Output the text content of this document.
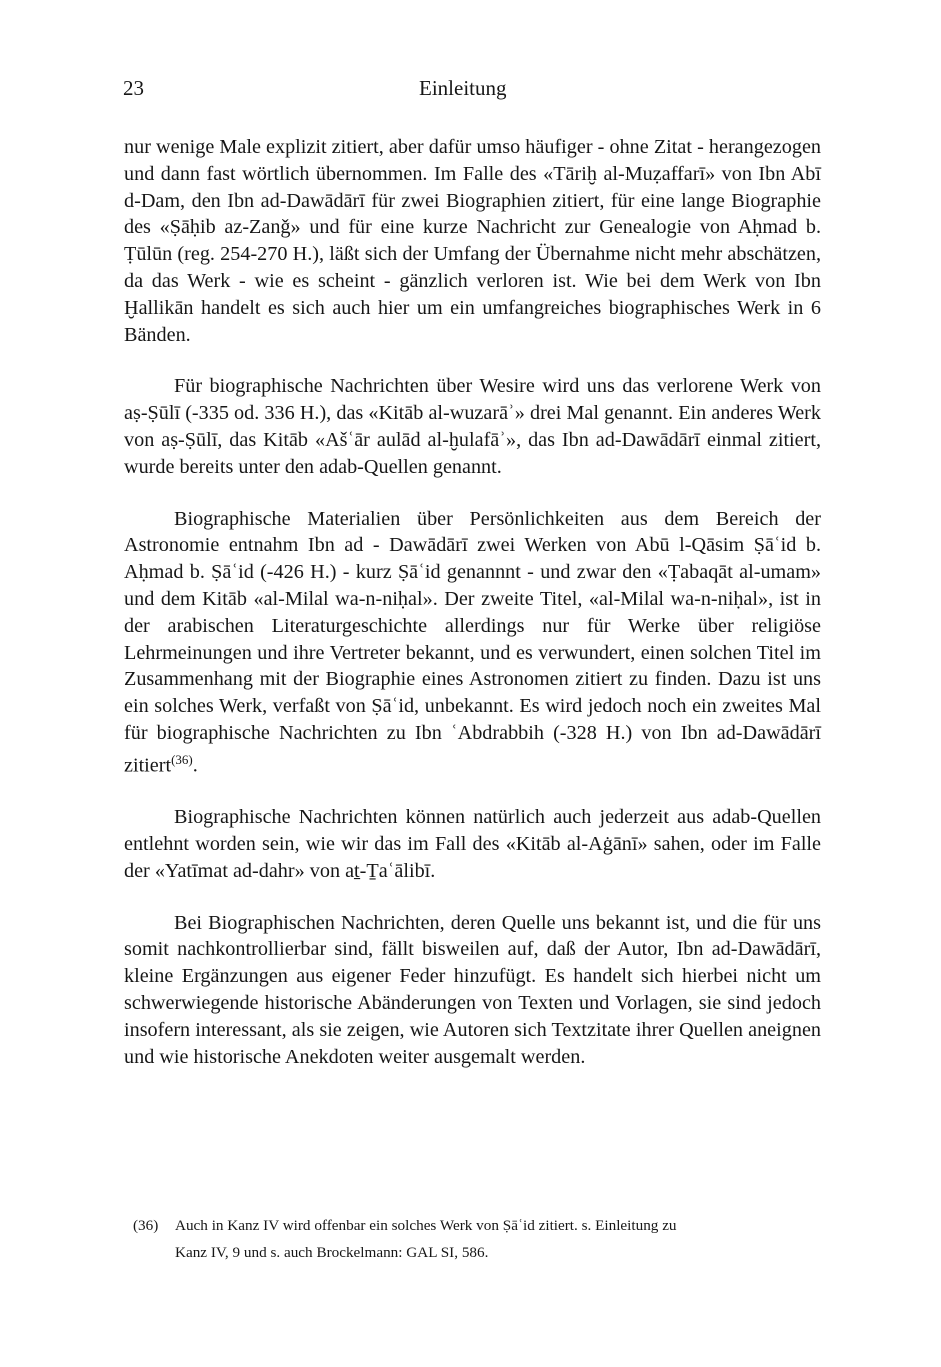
23	Einleitung

nur wenige Male explizit zitiert, aber dafür umso häufiger - ohne Zitat - herangezogen und dann fast wörtlich übernommen. Im Falle des «Tāriḫ al-Muẓaffarī» von Ibn Abī d-Dam, den Ibn ad-Dawādārī für zwei Biographien zitiert, für eine lange Biographie des «Ṣāḥib az-Zanǧ» und für eine kurze Nachricht zur Genealogie von Aḥmad b. Ṭūlūn (reg. 254-270 H.), läßt sich der Umfang der Übernahme nicht mehr abschätzen, da das Werk - wie es scheint - gänzlich verloren ist. Wie bei dem Werk von Ibn Ḫallikān handelt es sich auch hier um ein umfangreiches biographisches Werk in 6 Bänden.

Für biographische Nachrichten über Wesire wird uns das verlorene Werk von aṣ-Ṣūlī (-335 od. 336 H.), das «Kitāb al-wuzarāʾ» drei Mal genannt. Ein anderes Werk von aṣ-Ṣūlī, das Kitāb «Ašʿār aulād al-ḫulafāʾ», das Ibn ad-Dawādārī einmal zitiert, wurde bereits unter den adab-Quellen genannt.

Biographische Materialien über Persönlichkeiten aus dem Bereich der Astronomie entnahm Ibn ad - Dawādārī zwei Werken von Abū l-Qāsim Ṣāʿid b. Aḥmad b. Ṣāʿid (-426 H.) - kurz Ṣāʿid genannnt - und zwar den «Ṭabaqāt al-umam» und dem Kitāb «al-Milal wa-n-niḥal». Der zweite Titel, «al-Milal wa-n-niḥal», ist in der arabischen Literaturgeschichte allerdings nur für Werke über religiöse Lehrmeinungen und ihre Vertreter bekannt, und es verwundert, einen solchen Titel im Zusammenhang mit der Biographie eines Astronomen zitiert zu finden. Dazu ist uns ein solches Werk, verfaßt von Ṣāʿid, unbekannt. Es wird jedoch noch ein zweites Mal für biographische Nachrichten zu Ibn ʿAbdrabbih (-328 H.) von Ibn ad-Dawādārī zitiert$^{(36)}$.

Biographische Nachrichten können natürlich auch jederzeit aus adab-Quellen entlehnt worden sein, wie wir das im Fall des «Kitāb al-Aġānī» sahen, oder im Falle der «Yatīmat ad-dahr» von aṯ-Ṯaʿālibī.

Bei Biographischen Nachrichten, deren Quelle uns bekannt ist, und die für uns somit nachkontrollierbar sind, fällt bisweilen auf, daß der Autor, Ibn ad-Dawādārī, kleine Ergänzungen aus eigener Feder hinzufügt. Es handelt sich hierbei nicht um schwerwiegende historische Abänderungen von Texten und Vorlagen, sie sind jedoch insofern interessant, als sie zeigen, wie Autoren sich Textzitate ihrer Quellen aneignen und wie historische Anekdoten weiter ausgemalt werden.

(36) Auch in Kanz IV wird offenbar ein solches Werk von Ṣāʿid zitiert. s. Einleitung zu
Kanz IV, 9 und s. auch Brockelmann: GAL SI, 586.
